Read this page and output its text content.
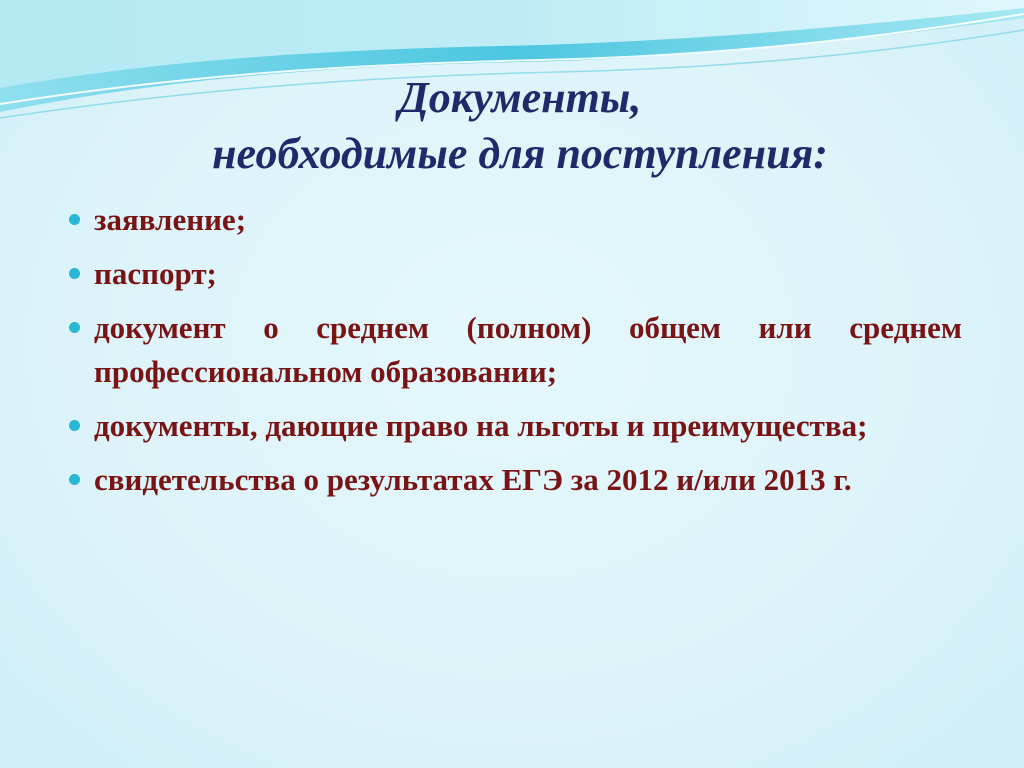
Документы,
необходимые для поступления:
заявление;
паспорт;
документ о среднем (полном) общем или среднем профессиональном образовании;
документы, дающие право на льготы и преимущества;
свидетельства о результатах ЕГЭ за 2012 и/или 2013 г.
